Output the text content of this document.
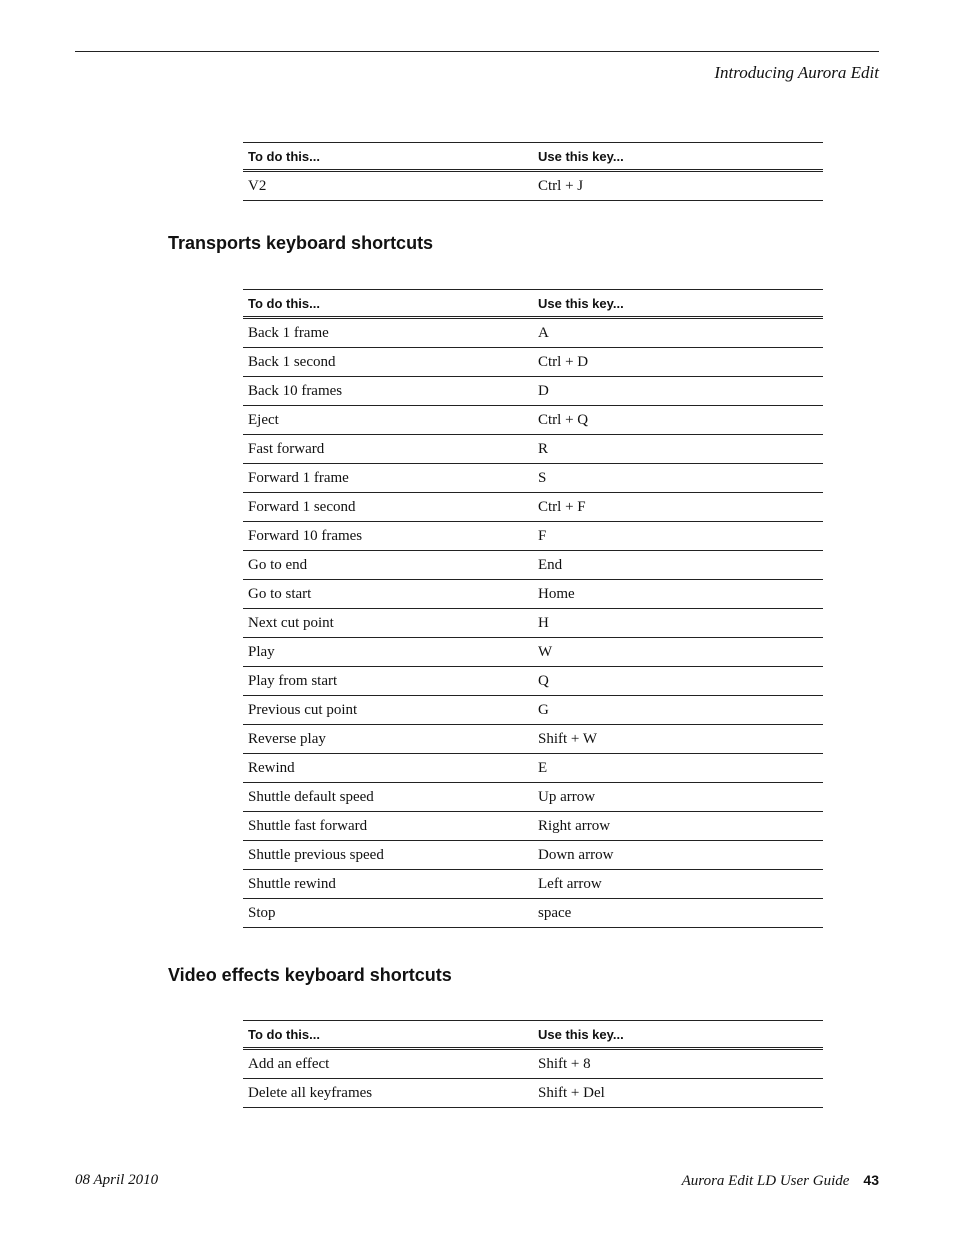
Introducing Aurora Edit
To do this...	Use this key...
V2	Ctrl + J
Transports keyboard shortcuts
To do this...	Use this key...
Back 1 frame	A
Back 1 second	Ctrl + D
Back 10 frames	D
Eject	Ctrl + Q
Fast forward	R
Forward 1 frame	S
Forward 1 second	Ctrl + F
Forward 10 frames	F
Go to end	End
Go to start	Home
Next cut point	H
Play	W
Play from start	Q
Previous cut point	G
Reverse play	Shift + W
Rewind	E
Shuttle default speed	Up arrow
Shuttle fast forward	Right arrow
Shuttle previous speed	Down arrow
Shuttle rewind	Left arrow
Stop	space
Video effects keyboard shortcuts
To do this...	Use this key...
Add an effect	Shift + 8
Delete all keyframes	Shift + Del
08 April 2010	Aurora Edit LD User Guide 43
